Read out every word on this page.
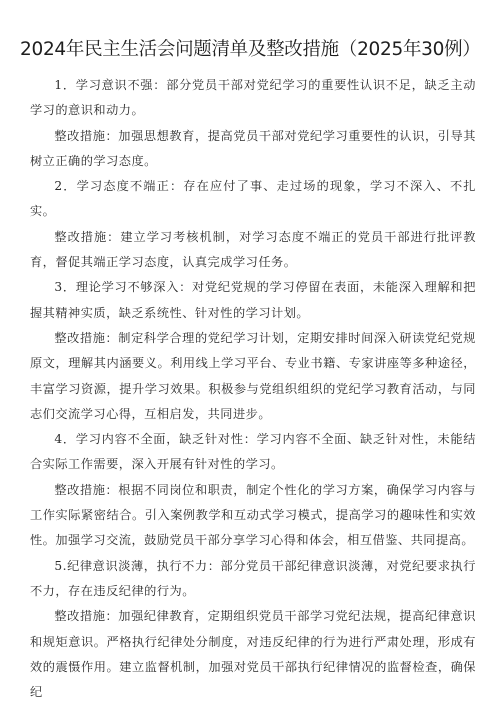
2024年民主生活会问题清单及整改措施（2025年30例）

1．学习意识不强：部分党员干部对党纪学习的重要性认识不足，缺乏主动学习的意识和动力。

整改措施：加强思想教育，提高党员干部对党纪学习重要性的认识，引导其树立正确的学习态度。

2．学习态度不端正：存在应付了事、走过场的现象，学习不深入、不扎实。

整改措施：建立学习考核机制，对学习态度不端正的党员干部进行批评教育，督促其端正学习态度，认真完成学习任务。

3．理论学习不够深入：对党纪党规的学习停留在表面，未能深入理解和把握其精神实质，缺乏系统性、针对性的学习计划。

整改措施：制定科学合理的党纪学习计划，定期安排时间深入研读党纪党规原文，理解其内涵要义。利用线上学习平台、专业书籍、专家讲座等多种途径，丰富学习资源，提升学习效果。积极参与党组织组织的党纪学习教育活动，与同志们交流学习心得，互相启发，共同进步。

4．学习内容不全面，缺乏针对性：学习内容不全面、缺乏针对性，未能结合实际工作需要，深入开展有针对性的学习。

整改措施：根据不同岗位和职责，制定个性化的学习方案，确保学习内容与工作实际紧密结合。引入案例教学和互动式学习模式，提高学习的趣味性和实效性。加强学习交流，鼓励党员干部分享学习心得和体会，相互借鉴、共同提高。

5.纪律意识淡薄，执行不力：部分党员干部纪律意识淡薄，对党纪要求执行不力，存在违反纪律的行为。

整改措施：加强纪律教育，定期组织党员干部学习党纪法规，提高纪律意识和规矩意识。严格执行纪律处分制度，对违反纪律的行为进行严肃处理，形成有效的震慑作用。建立监督机制，加强对党员干部执行纪律情况的监督检查，确保纪
